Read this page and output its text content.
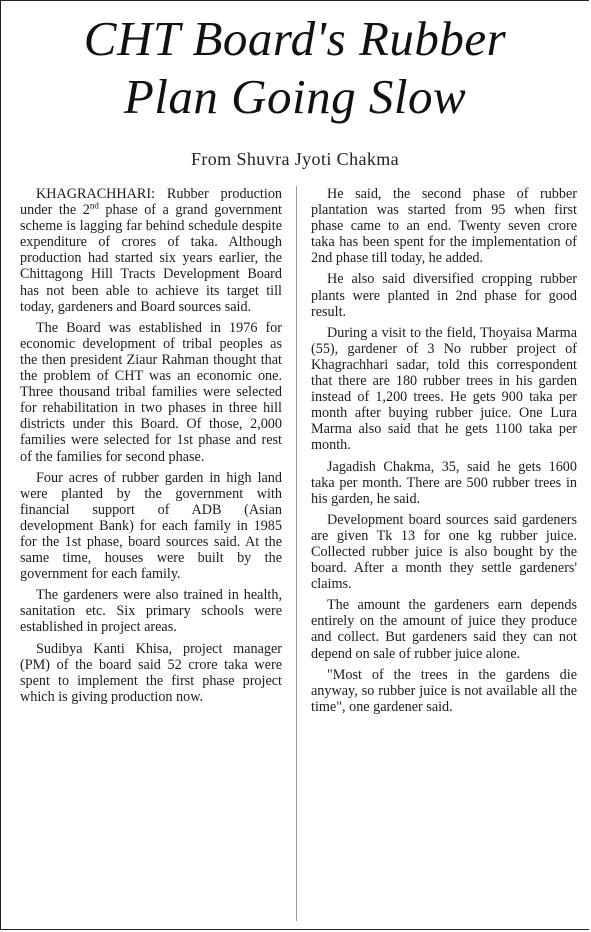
CHT Board's Rubber
Plan Going Slow
From Shuvra Jyoti Chakma

KHAGRACHHARI: Rubber production under the 2nd phase of a grand government scheme is lagging far behind schedule despite expenditure of crores of taka. Although production had started six years earlier, the Chittagong Hill Tracts Development Board has not been able to achieve its target till today, gardeners and Board sources said.

The Board was established in 1976 for economic development of tribal peoples as the then president Ziaur Rahman thought that the problem of CHT was an economic one. Three thousand tribal families were selected for rehabilitation in two phases in three hill districts under this Board. Of those, 2,000 families were selected for 1st phase and rest of the families for second phase.

Four acres of rubber garden in high land were planted by the government with financial support of ADB (Asian development Bank) for each family in 1985 for the 1st phase, board sources said. At the same time, houses were built by the government for each family.

The gardeners were also trained in health, sanitation etc. Six primary schools were established in project areas.

Sudibya Kanti Khisa, project manager (PM) of the board said 52 crore taka were spent to implement the first phase project which is giving production now.

He said, the second phase of rubber plantation was started from 95 when first phase came to an end. Twenty seven crore taka has been spent for the implementation of 2nd phase till today, he added.

He also said diversified cropping rubber plants were planted in 2nd phase for good result.

During a visit to the field, Thoyaisa Marma (55), gardener of 3 No rubber project of Khagrachhari sadar, told this correspondent that there are 180 rubber trees in his garden instead of 1,200 trees. He gets 900 taka per month after buying rubber juice. One Lura Marma also said that he gets 1100 taka per month.

Jagadish Chakma, 35, said he gets 1600 taka per month. There are 500 rubber trees in his garden, he said.

Development board sources said gardeners are given Tk 13 for one kg rubber juice. Collected rubber juice is also bought by the board. After a month they settle gardeners' claims.

The amount the gardeners earn depends entirely on the amount of juice they produce and collect. But gardeners said they can not depend on sale of rubber juice alone.

"Most of the trees in the gardens die anyway, so rubber juice is not available all the time", one gardener said.
